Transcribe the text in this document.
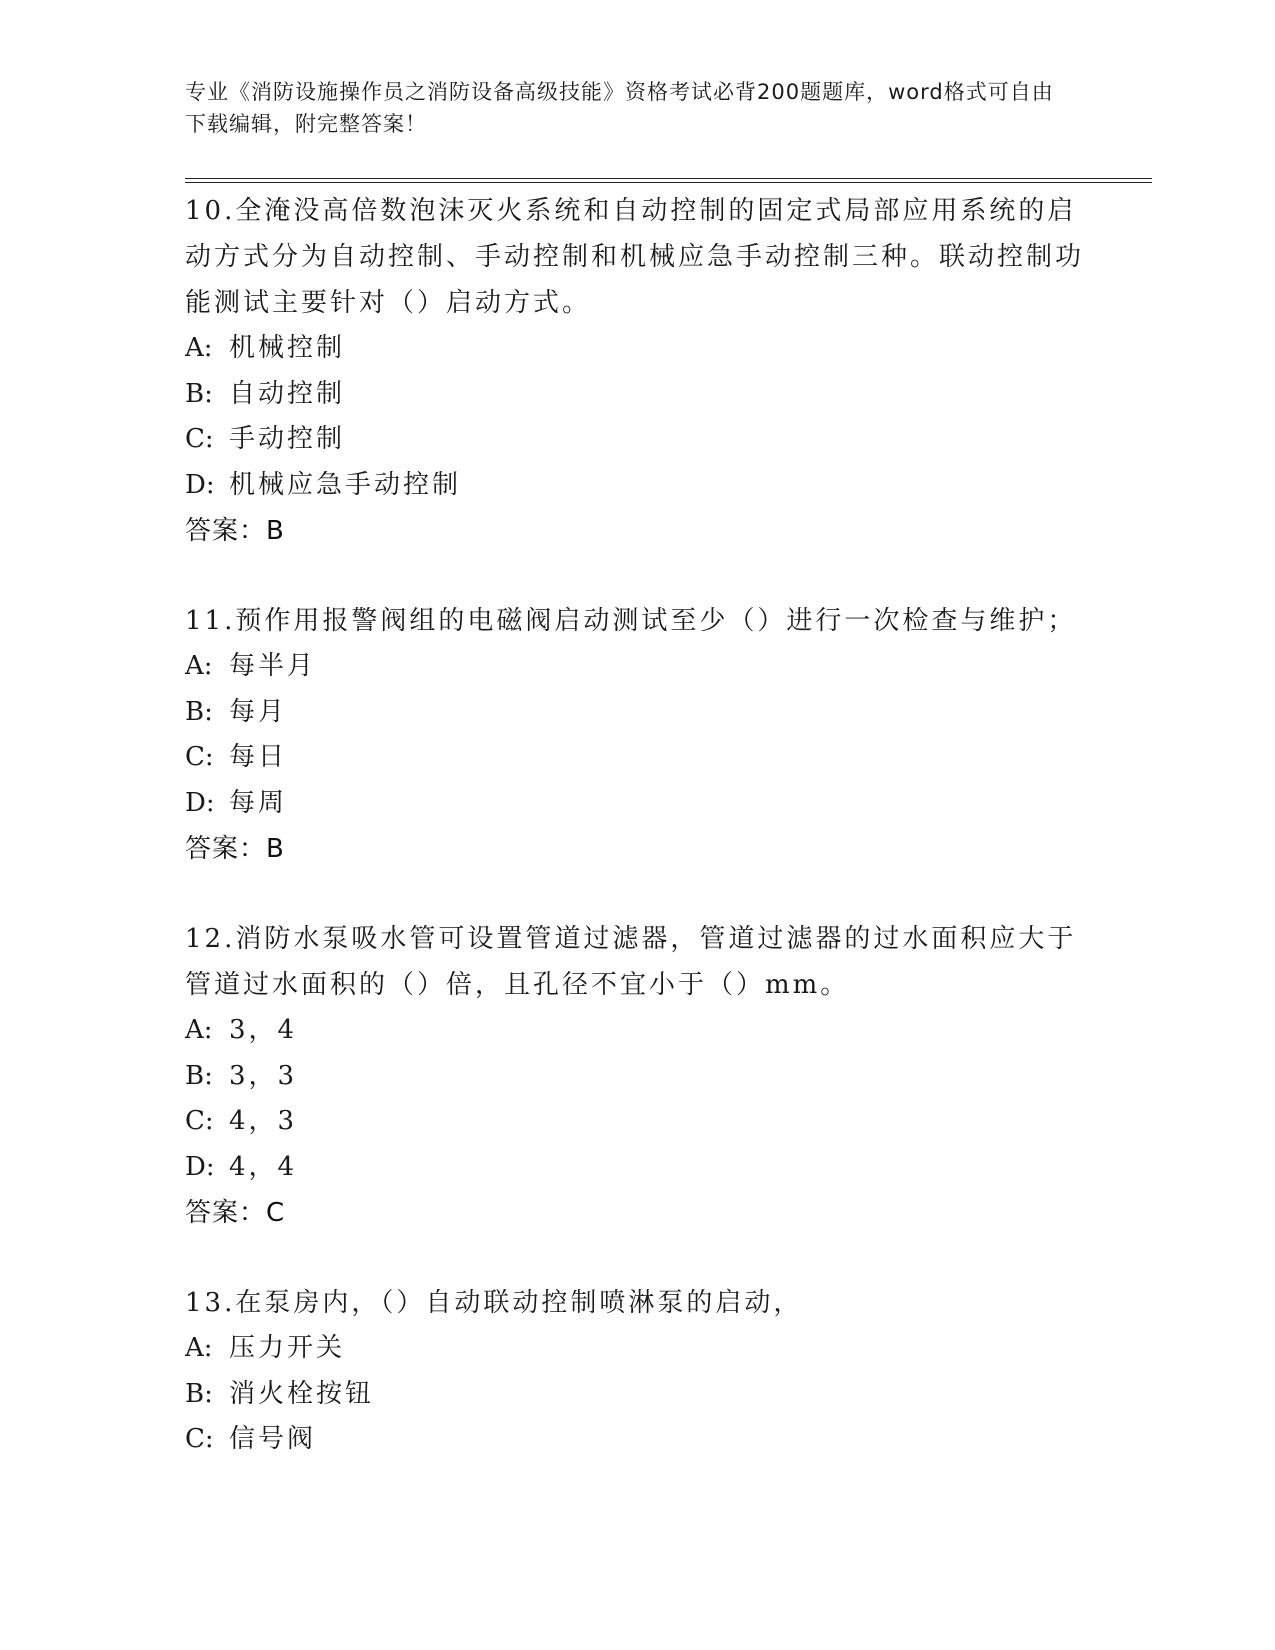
专业《消防设施操作员之消防设备高级技能》资格考试必背200题题库，word格式可自由下载编辑，附完整答案！
10.全淹没高倍数泡沫灭火系统和自动控制的固定式局部应用系统的启动方式分为自动控制、手动控制和机械应急手动控制三种。联动控制功能测试主要针对（）启动方式。
A: 机械控制
B: 自动控制
C: 手动控制
D: 机械应急手动控制
答案：B
11.预作用报警阀组的电磁阀启动测试至少（）进行一次检查与维护；
A: 每半月
B: 每月
C: 每日
D: 每周
答案：B
12.消防水泵吸水管可设置管道过滤器，管道过滤器的过水面积应大于管道过水面积的（）倍，且孔径不宜小于（）mm。
A: 3，4
B: 3，3
C: 4，3
D: 4，4
答案：C
13.在泵房内，（）自动联动控制喷淋泵的启动，
A: 压力开关
B: 消火栓按钮
C: 信号阀
